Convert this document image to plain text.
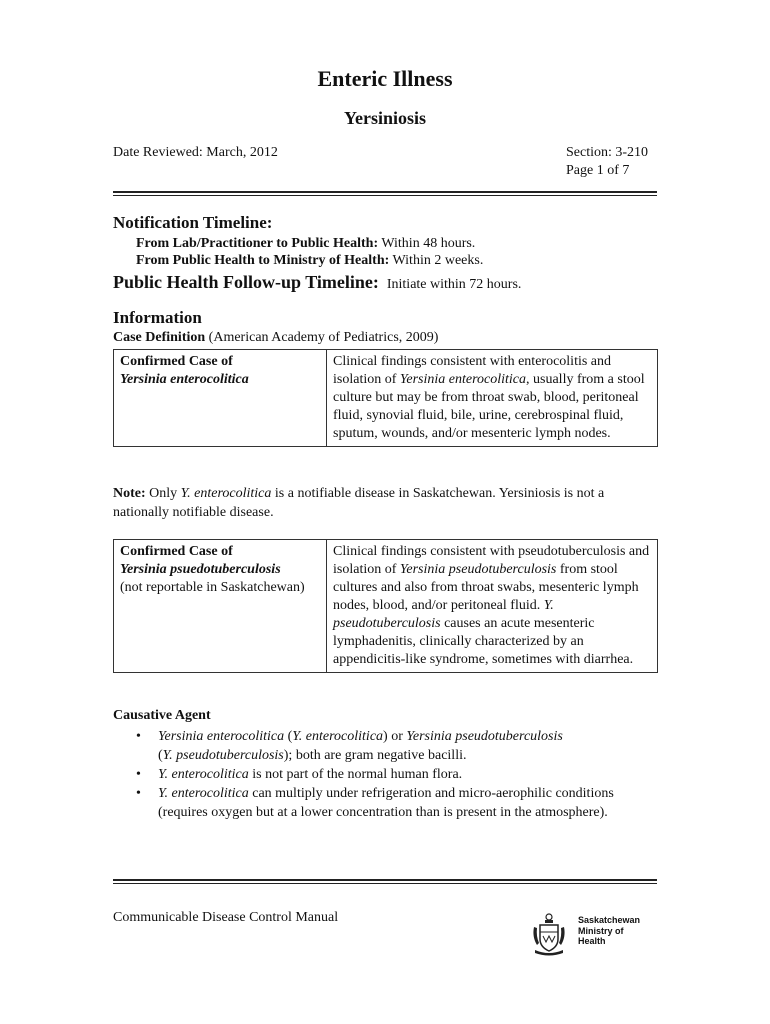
Enteric Illness
Yersiniosis
Date Reviewed: March, 2012	Section: 3-210
Page 1 of 7
Notification Timeline:
From Lab/Practitioner to Public Health: Within 48 hours.
From Public Health to Ministry of Health: Within 2 weeks.
Public Health Follow-up Timeline: Initiate within 72 hours.
Information
Case Definition (American Academy of Pediatrics, 2009)
Confirmed Case of
Yersinia enterocolitica
	Clinical findings consistent with enterocolitis and isolation of Yersinia enterocolitica, usually from a stool culture but may be from throat swab, blood, peritoneal fluid, synovial fluid, bile, urine, cerebrospinal fluid, sputum, wounds, and/or mesenteric lymph nodes.
Note: Only Y. enterocolitica is a notifiable disease in Saskatchewan. Yersiniosis is not a nationally notifiable disease.
Confirmed Case of
Yersinia psuedotuberculosis
(not reportable in Saskatchewan)
	Clinical findings consistent with pseudotuberculosis and isolation of Yersinia pseudotuberculosis from stool cultures and also from throat swabs, mesenteric lymph nodes, blood, and/or peritoneal fluid. Y. pseudotuberculosis causes an acute mesenteric lymphadenitis, clinically characterized by an appendicitis-like syndrome, sometimes with diarrhea.
Causative Agent
• Yersinia enterocolitica (Y. enterocolitica) or Yersinia pseudotuberculosis
(Y. pseudotuberculosis); both are gram negative bacilli.
• Y. enterocolitica is not part of the normal human flora.
• Y. enterocolitica can multiply under refrigeration and micro-aerophilic conditions (requires oxygen but at a lower concentration than is present in the atmosphere).
Communicable Disease Control Manual	Saskatchewan
Ministry of
Health
